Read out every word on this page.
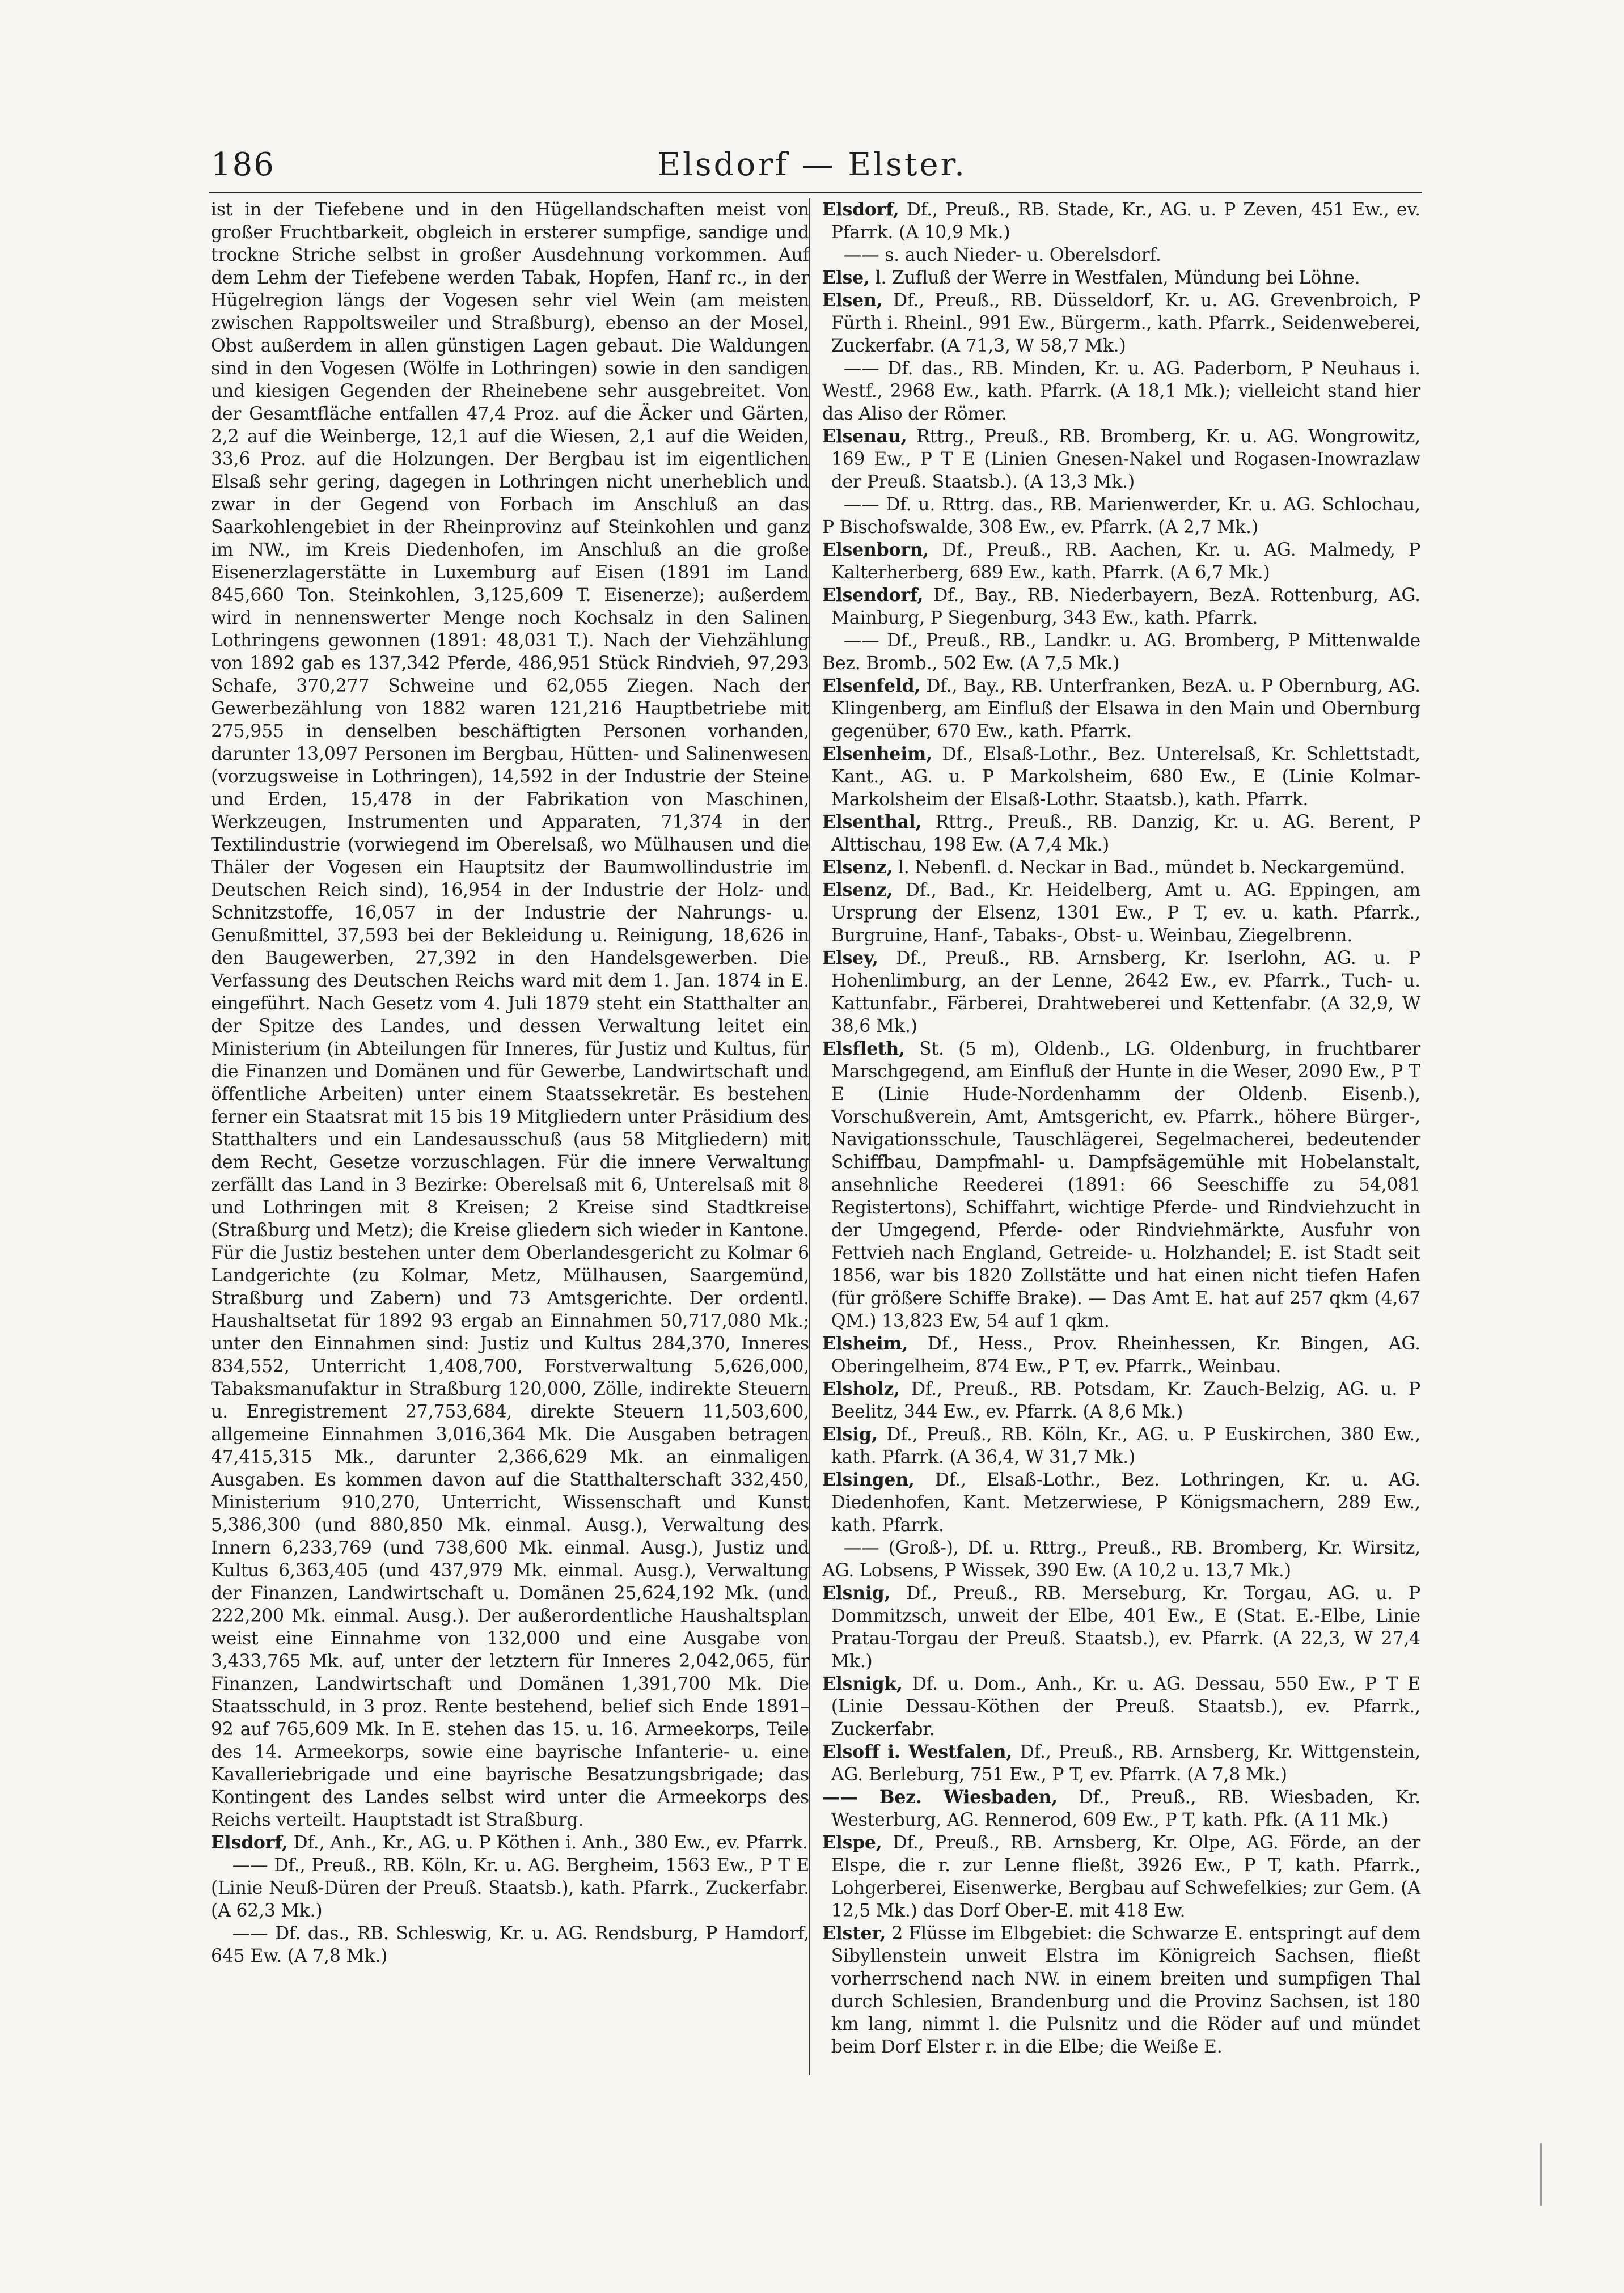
186	Elsdorf — Elster.

ist in der Tiefebene und in den Hügellandschaften meist von großer Fruchtbarkeit, obgleich in ersterer sumpfige, sandige und trockne Striche selbst in großer Ausdehnung vorkommen. Auf dem Lehm der Tiefebene werden Tabak, Hopfen, Hanf rc., in der Hügelregion längs der Vogesen sehr viel Wein (am meisten zwischen Rappoltsweiler und Straßburg), ebenso an der Mosel, Obst außerdem in allen günstigen Lagen gebaut. Die Waldungen sind in den Vogesen (Wölfe in Lothringen) sowie in den sandigen und kiesigen Gegenden der Rheinebene sehr ausgebreitet. Von der Gesamtfläche entfallen 47,4 Proz. auf die Äcker und Gärten, 2,2 auf die Weinberge, 12,1 auf die Wiesen, 2,1 auf die Weiden, 33,6 Proz. auf die Holzungen. Der Bergbau ist im eigentlichen Elsaß sehr gering, dagegen in Lothringen nicht unerheblich und zwar in der Gegend von Forbach im Anschluß an das Saarkohlengebiet in der Rheinprovinz auf Steinkohlen und ganz im NW., im Kreis Diedenhofen, im Anschluß an die große Eisenerzlagerstätte in Luxemburg auf Eisen (1891 im Land 845,660 Ton. Steinkohlen, 3,125,609 T. Eisenerze); außerdem wird in nennenswerter Menge noch Kochsalz in den Salinen Lothringens gewonnen (1891: 48,031 T.). Nach der Viehzählung von 1892 gab es 137,342 Pferde, 486,951 Stück Rindvieh, 97,293 Schafe, 370,277 Schweine und 62,055 Ziegen. Nach der Gewerbezählung von 1882 waren 121,216 Hauptbetriebe mit 275,955 in denselben beschäftigten Personen vorhanden, darunter 13,097 Personen im Bergbau, Hütten- und Salinenwesen (vorzugsweise in Lothringen), 14,592 in der Industrie der Steine und Erden, 15,478 in der Fabrikation von Maschinen, Werkzeugen, Instrumenten und Apparaten, 71,374 in der Textilindustrie (vorwiegend im Oberelsaß, wo Mülhausen und die Thäler der Vogesen ein Hauptsitz der Baumwollindustrie im Deutschen Reich sind), 16,954 in der Industrie der Holz- und Schnitzstoffe, 16,057 in der Industrie der Nahrungs- u. Genußmittel, 37,593 bei der Bekleidung u. Reinigung, 18,626 in den Baugewerben, 27,392 in den Handelsgewerben. Die Verfassung des Deutschen Reichs ward mit dem 1. Jan. 1874 in E. eingeführt. Nach Gesetz vom 4. Juli 1879 steht ein Statthalter an der Spitze des Landes, und dessen Verwaltung leitet ein Ministerium (in Abteilungen für Inneres, für Justiz und Kultus, für die Finanzen und Domänen und für Gewerbe, Landwirtschaft und öffentliche Arbeiten) unter einem Staatssekretär. Es bestehen ferner ein Staatsrat mit 15 bis 19 Mitgliedern unter Präsidium des Statthalters und ein Landesausschuß (aus 58 Mitgliedern) mit dem Recht, Gesetze vorzuschlagen. Für die innere Verwaltung zerfällt das Land in 3 Bezirke: Oberelsaß mit 6, Unterelsaß mit 8 und Lothringen mit 8 Kreisen; 2 Kreise sind Stadtkreise (Straßburg und Metz); die Kreise gliedern sich wieder in Kantone. Für die Justiz bestehen unter dem Oberlandesgericht zu Kolmar 6 Landgerichte (zu Kolmar, Metz, Mülhausen, Saargemünd, Straßburg und Zabern) und 73 Amtsgerichte. Der ordentl. Haushaltsetat für 1892 93 ergab an Einnahmen 50,717,080 Mk.; unter den Einnahmen sind: Justiz und Kultus 284,370, Inneres 834,552, Unterricht 1,408,700, Forstverwaltung 5,626,000, Tabaksmanufaktur in Straßburg 120,000, Zölle, indirekte Steuern u. Enregistrement 27,753,684, direkte Steuern 11,503,600, allgemeine Einnahmen 3,016,364 Mk. Die Ausgaben betragen 47,415,315 Mk., darunter 2,366,629 Mk. an einmaligen Ausgaben. Es kommen davon auf die Statthalterschaft 332,450, Ministerium 910,270, Unterricht, Wissenschaft und Kunst 5,386,300 (und 880,850 Mk. einmal. Ausg.), Verwaltung des Innern 6,233,769 (und 738,600 Mk. einmal. Ausg.), Justiz und Kultus 6,363,405 (und 437,979 Mk. einmal. Ausg.), Verwaltung der Finanzen, Landwirtschaft u. Domänen 25,624,192 Mk. (und 222,200 Mk. einmal. Ausg.). Der außerordentliche Haushaltsplan weist eine Einnahme von 132,000 und eine Ausgabe von 3,433,765 Mk. auf, unter der letztern für Inneres 2,042,065, für Finanzen, Landwirtschaft und Domänen 1,391,700 Mk. Die Staatsschuld, in 3 proz. Rente bestehend, belief sich Ende 1891–92 auf 765,609 Mk. In E. stehen das 15. u. 16. Armeekorps, Teile des 14. Armeekorps, sowie eine bayrische Infanterie- u. eine Kavalleriebrigade und eine bayrische Besatzungsbrigade; das Kontingent des Landes selbst wird unter die Armeekorps des Reichs verteilt. Hauptstadt ist Straßburg.

Elsdorf, Df., Anh., Kr., AG. u. P Köthen i. Anh., 380 Ew., ev. Pfarrk.

—— Df., Preuß., RB. Köln, Kr. u. AG. Bergheim, 1563 Ew., P T E (Linie Neuß-Düren der Preuß. Staatsb.), kath. Pfarrk., Zuckerfabr. (A 62,3 Mk.)

—— Df. das., RB. Schleswig, Kr. u. AG. Rendsburg, P Hamdorf, 645 Ew. (A 7,8 Mk.)

Elsdorf, Df., Preuß., RB. Stade, Kr., AG. u. P Zeven, 451 Ew., ev. Pfarrk. (A 10,9 Mk.)

—— s. auch Nieder- u. Oberelsdorf.

Else, l. Zufluß der Werre in Westfalen, Mündung bei Löhne.

Elsen, Df., Preuß., RB. Düsseldorf, Kr. u. AG. Grevenbroich, P Fürth i. Rheinl., 991 Ew., Bürgerm., kath. Pfarrk., Seidenweberei, Zuckerfabr. (A 71,3, W 58,7 Mk.)

—— Df. das., RB. Minden, Kr. u. AG. Paderborn, P Neuhaus i. Westf., 2968 Ew., kath. Pfarrk. (A 18,1 Mk.); vielleicht stand hier das Aliso der Römer.

Elsenau, Rttrg., Preuß., RB. Bromberg, Kr. u. AG. Wongrowitz, 169 Ew., P T E (Linien Gnesen-Nakel und Rogasen-Inowrazlaw der Preuß. Staatsb.). (A 13,3 Mk.)

—— Df. u. Rttrg. das., RB. Marienwerder, Kr. u. AG. Schlochau, P Bischofswalde, 308 Ew., ev. Pfarrk. (A 2,7 Mk.)

Elsenborn, Df., Preuß., RB. Aachen, Kr. u. AG. Malmedy, P Kalterherberg, 689 Ew., kath. Pfarrk. (A 6,7 Mk.)

Elsendorf, Df., Bay., RB. Niederbayern, BezA. Rottenburg, AG. Mainburg, P Siegenburg, 343 Ew., kath. Pfarrk.

—— Df., Preuß., RB., Landkr. u. AG. Bromberg, P Mittenwalde Bez. Bromb., 502 Ew. (A 7,5 Mk.)

Elsenfeld, Df., Bay., RB. Unterfranken, BezA. u. P Obernburg, AG. Klingenberg, am Einfluß der Elsawa in den Main und Obernburg gegenüber, 670 Ew., kath. Pfarrk.

Elsenheim, Df., Elsaß-Lothr., Bez. Unterelsaß, Kr. Schlettstadt, Kant., AG. u. P Markolsheim, 680 Ew., E (Linie Kolmar-Markolsheim der Elsaß-Lothr. Staatsb.), kath. Pfarrk.

Elsenthal, Rttrg., Preuß., RB. Danzig, Kr. u. AG. Berent, P Alttischau, 198 Ew. (A 7,4 Mk.)

Elsenz, l. Nebenfl. d. Neckar in Bad., mündet b. Neckargemünd.

Elsenz, Df., Bad., Kr. Heidelberg, Amt u. AG. Eppingen, am Ursprung der Elsenz, 1301 Ew., P T, ev. u. kath. Pfarrk., Burgruine, Hanf-, Tabaks-, Obst- u. Weinbau, Ziegelbrenn.

Elsey, Df., Preuß., RB. Arnsberg, Kr. Iserlohn, AG. u. P Hohenlimburg, an der Lenne, 2642 Ew., ev. Pfarrk., Tuch- u. Kattunfabr., Färberei, Drahtweberei und Kettenfabr. (A 32,9, W 38,6 Mk.)

Elsfleth, St. (5 m), Oldenb., LG. Oldenburg, in fruchtbarer Marschgegend, am Einfluß der Hunte in die Weser, 2090 Ew., P T E (Linie Hude-Nordenhamm der Oldenb. Eisenb.), Vorschußverein, Amt, Amtsgericht, ev. Pfarrk., höhere Bürger-, Navigationsschule, Tauschlägerei, Segelmacherei, bedeutender Schiffbau, Dampfmahl- u. Dampfsägemühle mit Hobelanstalt, ansehnliche Reederei (1891: 66 Seeschiffe zu 54,081 Registertons), Schiffahrt, wichtige Pferde- und Rindviehzucht in der Umgegend, Pferde- oder Rindviehmärkte, Ausfuhr von Fettvieh nach England, Getreide- u. Holzhandel; E. ist Stadt seit 1856, war bis 1820 Zollstätte und hat einen nicht tiefen Hafen (für größere Schiffe Brake). — Das Amt E. hat auf 257 qkm (4,67 QM.) 13,823 Ew, 54 auf 1 qkm.

Elsheim, Df., Hess., Prov. Rheinhessen, Kr. Bingen, AG. Oberingelheim, 874 Ew., P T, ev. Pfarrk., Weinbau.

Elsholz, Df., Preuß., RB. Potsdam, Kr. Zauch-Belzig, AG. u. P Beelitz, 344 Ew., ev. Pfarrk. (A 8,6 Mk.)

Elsig, Df., Preuß., RB. Köln, Kr., AG. u. P Euskirchen, 380 Ew., kath. Pfarrk. (A 36,4, W 31,7 Mk.)

Elsingen, Df., Elsaß-Lothr., Bez. Lothringen, Kr. u. AG. Diedenhofen, Kant. Metzerwiese, P Königsmachern, 289 Ew., kath. Pfarrk.

—— (Groß-), Df. u. Rttrg., Preuß., RB. Bromberg, Kr. Wirsitz, AG. Lobsens, P Wissek, 390 Ew. (A 10,2 u. 13,7 Mk.)

Elsnig, Df., Preuß., RB. Merseburg, Kr. Torgau, AG. u. P Dommitzsch, unweit der Elbe, 401 Ew., E (Stat. E.-Elbe, Linie Pratau-Torgau der Preuß. Staatsb.), ev. Pfarrk. (A 22,3, W 27,4 Mk.)

Elsnigk, Df. u. Dom., Anh., Kr. u. AG. Dessau, 550 Ew., P T E (Linie Dessau-Köthen der Preuß. Staatsb.), ev. Pfarrk., Zuckerfabr.

Elsoff i. Westfalen, Df., Preuß., RB. Arnsberg, Kr. Wittgenstein, AG. Berleburg, 751 Ew., P T, ev. Pfarrk. (A 7,8 Mk.)

—— Bez. Wiesbaden, Df., Preuß., RB. Wiesbaden, Kr. Westerburg, AG. Rennerod, 609 Ew., P T, kath. Pfk. (A 11 Mk.)

Elspe, Df., Preuß., RB. Arnsberg, Kr. Olpe, AG. Förde, an der Elspe, die r. zur Lenne fließt, 3926 Ew., P T, kath. Pfarrk., Lohgerberei, Eisenwerke, Bergbau auf Schwefelkies; zur Gem. (A 12,5 Mk.) das Dorf Ober-E. mit 418 Ew.

Elster, 2 Flüsse im Elbgebiet: die Schwarze E. entspringt auf dem Sibyllenstein unweit Elstra im Königreich Sachsen, fließt vorherrschend nach NW. in einem breiten und sumpfigen Thal durch Schlesien, Brandenburg und die Provinz Sachsen, ist 180 km lang, nimmt l. die Pulsnitz und die Röder auf und mündet beim Dorf Elster r. in die Elbe; die Weiße E.
